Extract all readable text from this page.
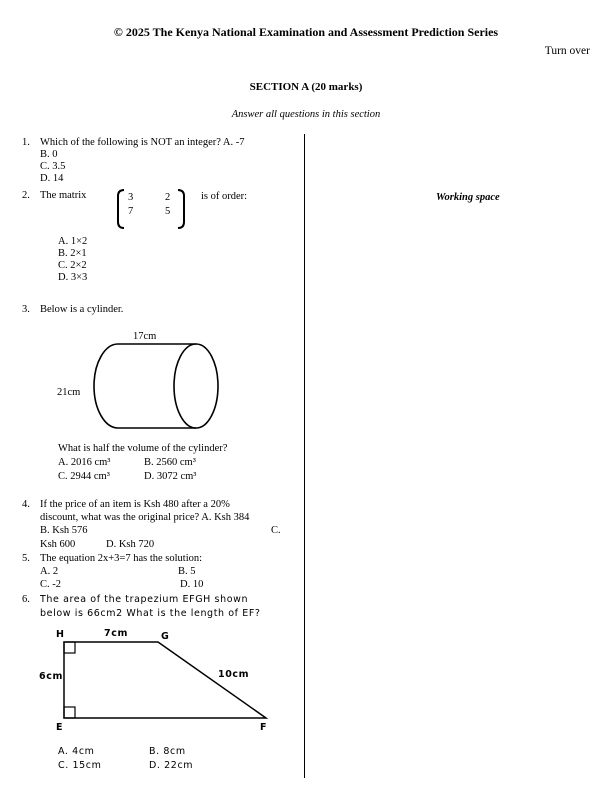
© 2025 The Kenya National Examination and Assessment Prediction Series
Turn over
SECTION A (20 marks)
Answer all questions in this section
Working space
1. Which of the following is NOT an integer? A. -7
B. 0
C. 3.5
D. 14
2. The matrix	3	2
7	5
is of order:
A. 1×2
B. 2×1
C. 2×2
D. 3×3
3. Below is a cylinder.
17cm
21cm
What is half the volume of the cylinder?
A. 2016 cm³	B. 2560 cm³
C. 2944 cm³	D. 3072 cm³
4. If the price of an item is Ksh 480 after a 20%
discount, what was the original price? A. Ksh 384
B. Ksh 576	C.
Ksh 600	D. Ksh 720
5. The equation 2x+3=7 has the solution:
A. 2	B. 5
C. -2	D. 10
6. The area of the trapezium EFGH shown
below is 66cm2 What is the length of EF?
H	7cm	G
6cm	10cm
E	F
A. 4cm	B. 8cm
C. 15cm	D. 22cm
